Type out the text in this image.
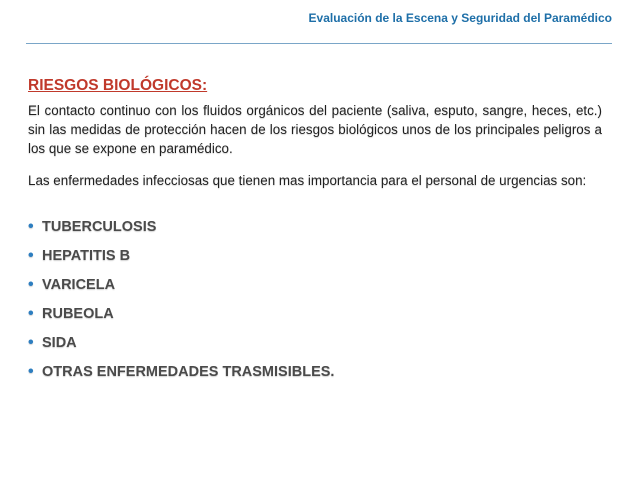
Evaluación de la Escena y Seguridad del Paramédico
RIESGOS BIOLÓGICOS:

El contacto continuo con los fluidos orgánicos del paciente (saliva, esputo, sangre, heces, etc.) sin las medidas de protección hacen de los riesgos biológicos unos de los principales peligros a los que se expone en paramédico.

Las enfermedades infecciosas que tienen mas importancia para el personal de urgencias son:

• TUBERCULOSIS
• HEPATITIS B
• VARICELA
• RUBEOLA
• SIDA
• OTRAS ENFERMEDADES TRASMISIBLES.
